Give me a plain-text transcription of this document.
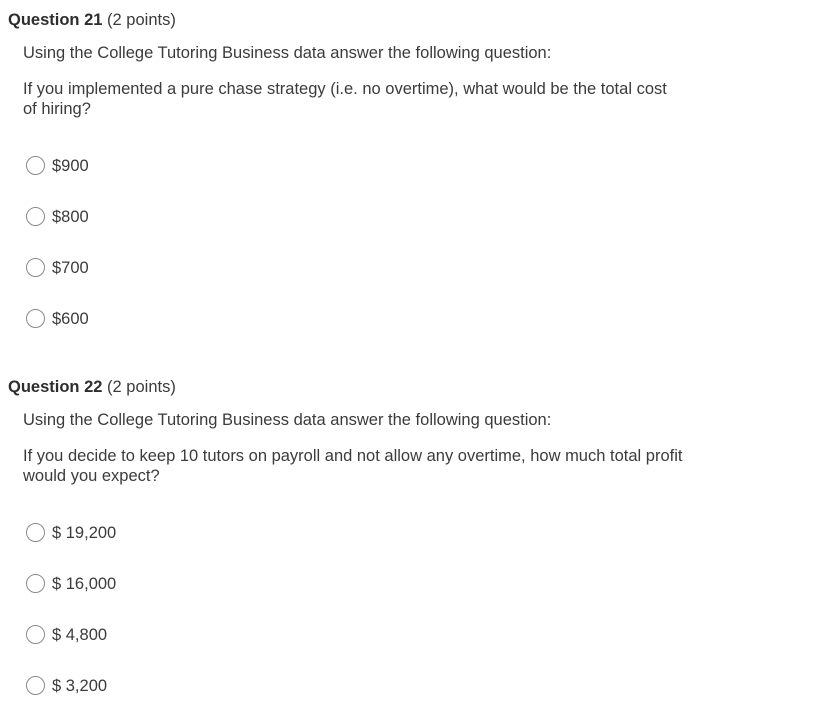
Question 21 (2 points)
Using the College Tutoring Business data answer the following question:
If you implemented a pure chase strategy (i.e. no overtime), what would be the total cost of hiring?
$900
$800
$700
$600
Question 22 (2 points)
Using the College Tutoring Business data answer the following question:
If you decide to keep 10 tutors on payroll and not allow any overtime, how much total profit would you expect?
$ 19,200
$ 16,000
$ 4,800
$ 3,200
